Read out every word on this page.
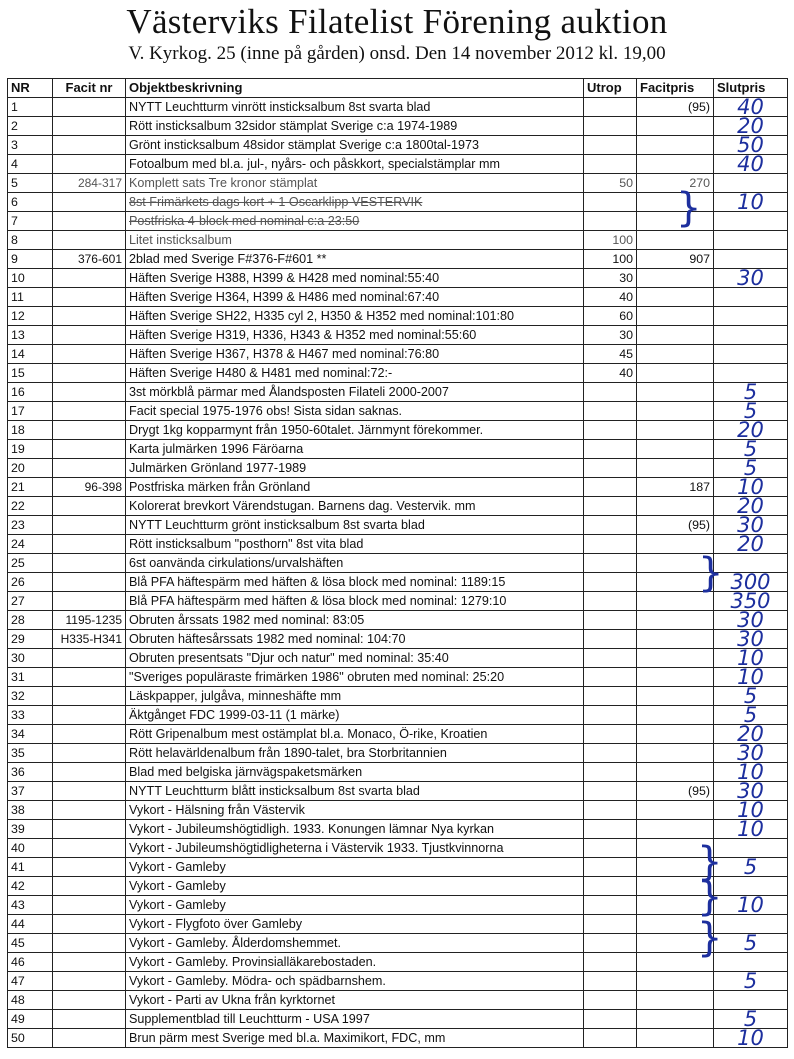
Västerviks Filatelist Förening auktion
V. Kyrkog. 25 (inne på gården) onsd. Den 14 november 2012 kl. 19,00
NR	Facit nr	Objektbeskrivning	Utrop	Facitpris	Slutpris
1		NYTT Leuchtturm vinrött insticksalbum 8st svarta blad		(95)	40
2		Rött insticksalbum 32sidor stämplat Sverige c:a 1974-1989			20
3		Grönt insticksalbum 48sidor stämplat Sverige c:a 1800tal-1973			50
4		Fotoalbum med bl.a. jul-, nyårs- och påskkort, specialstämplar mm			40
5	284-317	Komplett sats Tre kronor stämplat	50	270	
6		8st Frimärkets dags kort + 1 Oscarklipp VESTERVIK			10
7		Postfriska 4-block med nominal c:a 23:50			
8		Litet insticksalbum	100		
9	376-601	2blad med Sverige F#376-F#601 **	100	907	
10		Häften Sverige H388, H399 & H428 med nominal:55:40	30		30
11		Häften Sverige H364, H399 & H486 med nominal:67:40	40		
12		Häften Sverige SH22, H335 cyl 2, H350 & H352 med nominal:101:80	60		
13		Häften Sverige H319, H336, H343 & H352 med nominal:55:60	30		
14		Häften Sverige H367, H378 & H467 med nominal:76:80	45		
15		Häften Sverige H480 & H481 med nominal:72:-	40		
16		3st mörkblå pärmar med Ålandsposten Filateli 2000-2007			5
17		Facit special 1975-1976 obs! Sista sidan saknas.			5
18		Drygt 1kg kopparmynt från 1950-60talet. Järnmynt förekommer.			20
19		Karta julmärken 1996 Färöarna			5
20		Julmärken Grönland 1977-1989			5
21	96-398	Postfriska märken från Grönland		187	10
22		Kolorerat brevkort Värendstugan. Barnens dag. Vestervik. mm			20
23		NYTT Leuchtturm grönt insticksalbum 8st svarta blad		(95)	30
24		Rött insticksalbum "posthorn" 8st vita blad			20
25		6st oanvända cirkulations/urvalshäften			
26		Blå PFA häftespärm med häften & lösa block med nominal: 1189:15			300
27		Blå PFA häftespärm med häften & lösa block med nominal: 1279:10			350
28	1195-1235	Obruten årssats 1982 med nominal: 83:05			30
29	H335-H341	Obruten häftesårssats 1982 med nominal: 104:70			30
30		Obruten presentsats "Djur och natur" med nominal: 35:40			10
31		"Sveriges populäraste frimärken 1986" obruten med nominal: 25:20			10
32		Läskpapper, julgåva, minneshäfte mm			5
33		Äktgånget FDC 1999-03-11 (1 märke)			5
34		Rött Gripenalbum mest ostämplat bl.a. Monaco, Ö-rike, Kroatien			20
35		Rött helavärldenalbum från 1890-talet, bra Storbritannien			30
36		Blad med belgiska järnvägspaketsmärken			10
37		NYTT Leuchtturm blått insticksalbum 8st svarta blad		(95)	30
38		Vykort - Hälsning från Västervik			10
39		Vykort - Jubileumshögtidligh. 1933. Konungen lämnar Nya kyrkan			10
40		Vykort - Jubileumshögtidligheterna i Västervik 1933. Tjustkvinnorna			
41		Vykort - Gamleby			5
42		Vykort - Gamleby			
43		Vykort - Gamleby			10
44		Vykort - Flygfoto över Gamleby			
45		Vykort - Gamleby. Ålderdomshemmet.			5
46		Vykort - Gamleby. Provinsialläkarebostaden.			
47		Vykort - Gamleby. Mödra- och spädbarnshem.			5
48		Vykort - Parti av Ukna från kyrktornet			
49		Supplementblad till Leuchtturm - USA 1997			5
50		Brun pärm mest Sverige med bl.a. Maximikort, FDC, mm			10
}
}
}
}
}
